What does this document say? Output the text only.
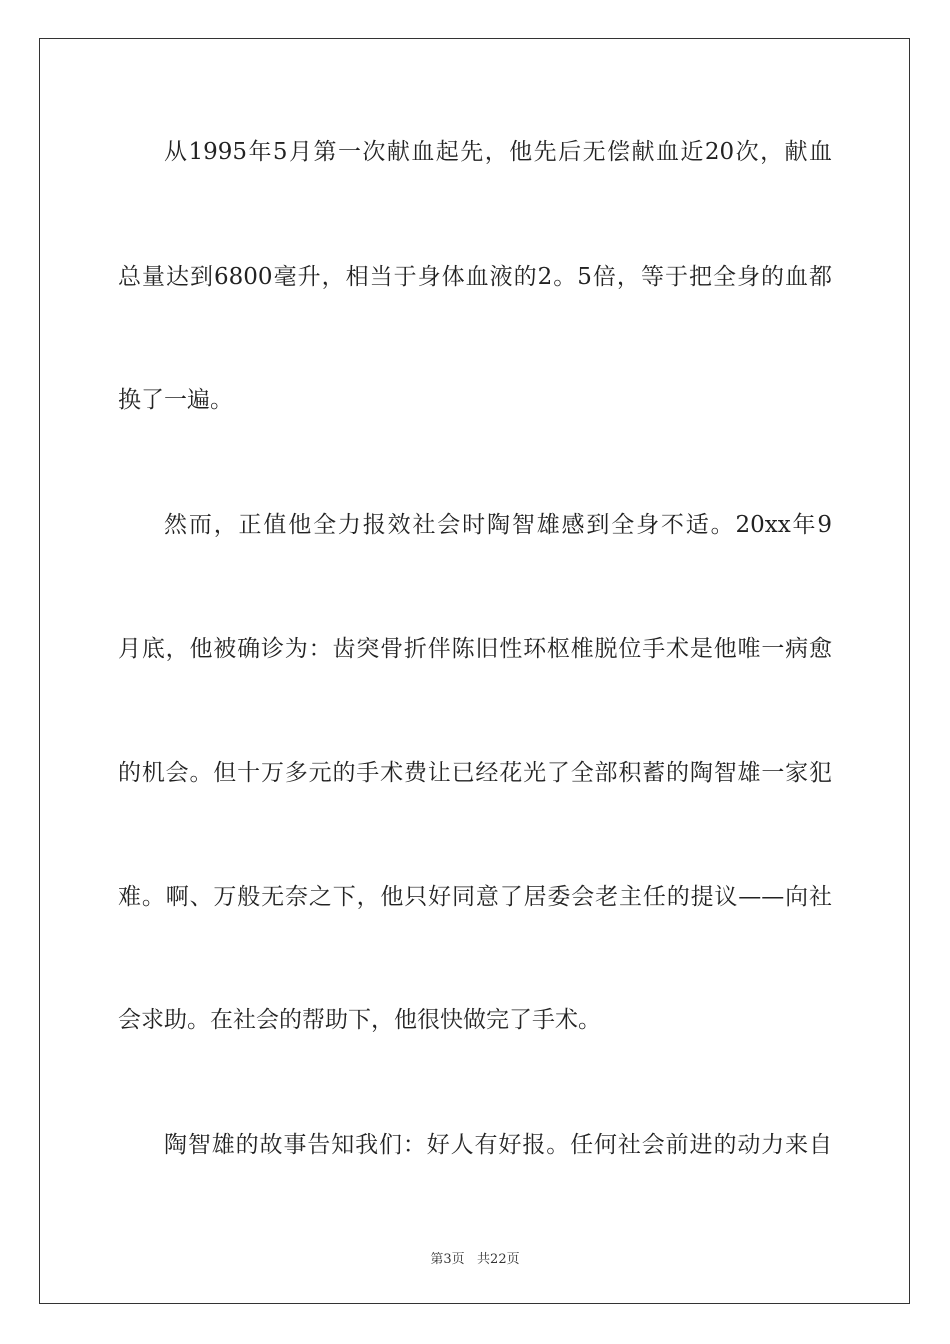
从1995年5月第一次献血起先，他先后无偿献血近20次，献血

总量达到6800毫升，相当于身体血液的2。5倍，等于把全身的血都

换了一遍。

然而，正值他全力报效社会时陶智雄感到全身不适。20xx年9

月底，他被确诊为：齿突骨折伴陈旧性环枢椎脱位手术是他唯一病愈

的机会。但十万多元的手术费让已经花光了全部积蓄的陶智雄一家犯

难。啊、万般无奈之下，他只好同意了居委会老主任的提议——向社

会求助。在社会的帮助下，他很快做完了手术。

陶智雄的故事告知我们：好人有好报。任何社会前进的动力来自

第3页   共22页
